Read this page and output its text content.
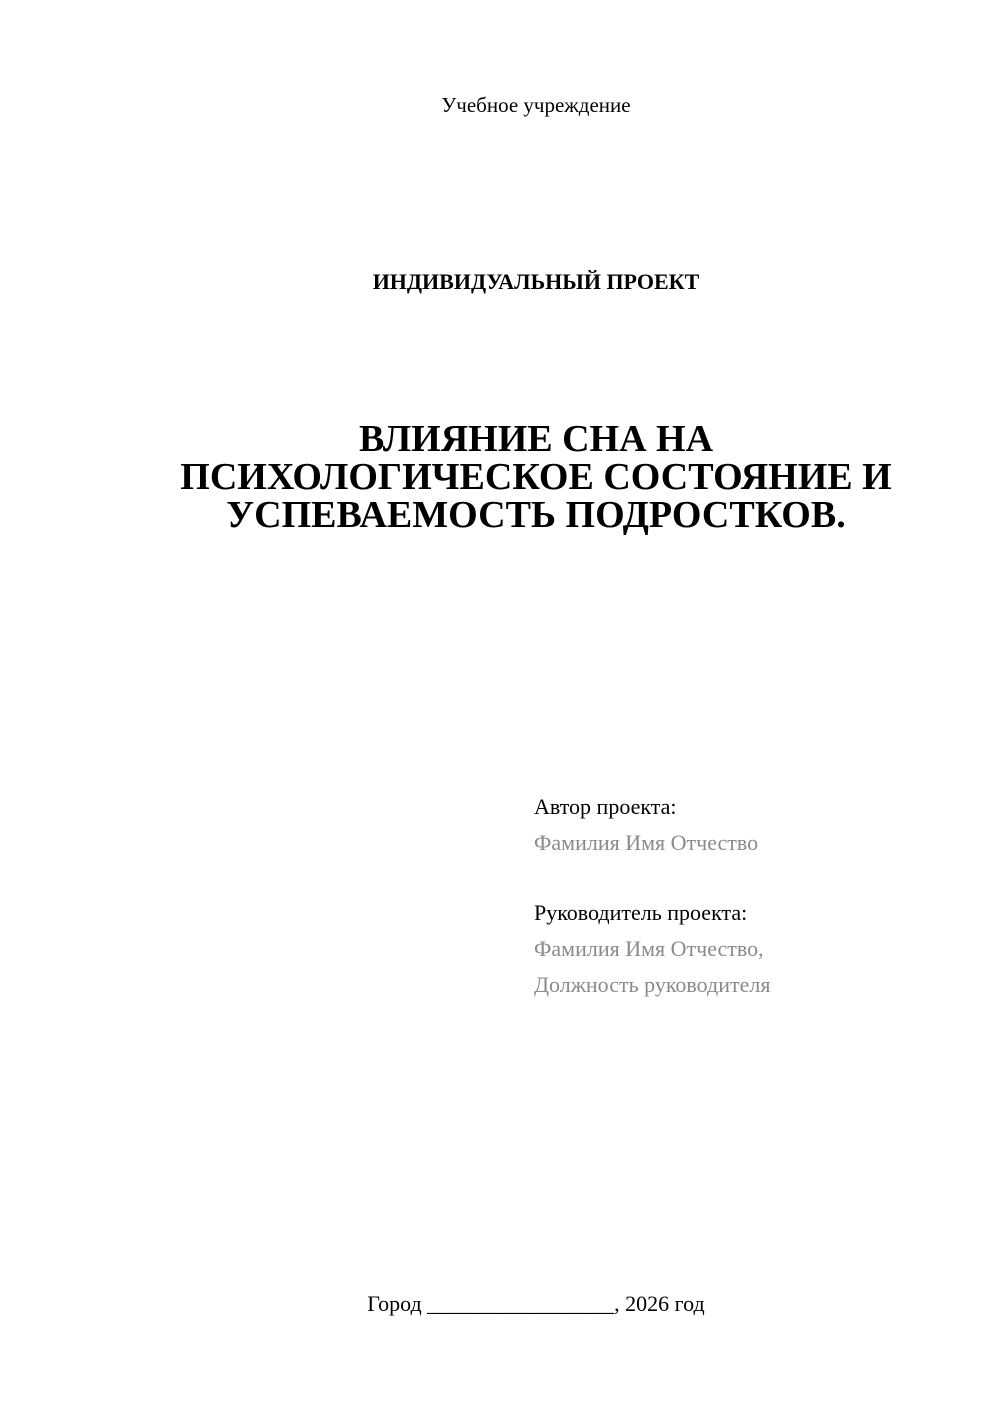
Учебное учреждение
ИНДИВИДУАЛЬНЫЙ ПРОЕКТ
ВЛИЯНИЕ СНА НА
ПСИХОЛОГИЧЕСКОЕ СОСТОЯНИЕ И
УСПЕВАЕМОСТЬ ПОДРОСТКОВ.
Автор проекта:
Фамилия Имя Отчество
Руководитель проекта:
Фамилия Имя Отчество,
Должность руководителя
Город _________________, 2026 год
